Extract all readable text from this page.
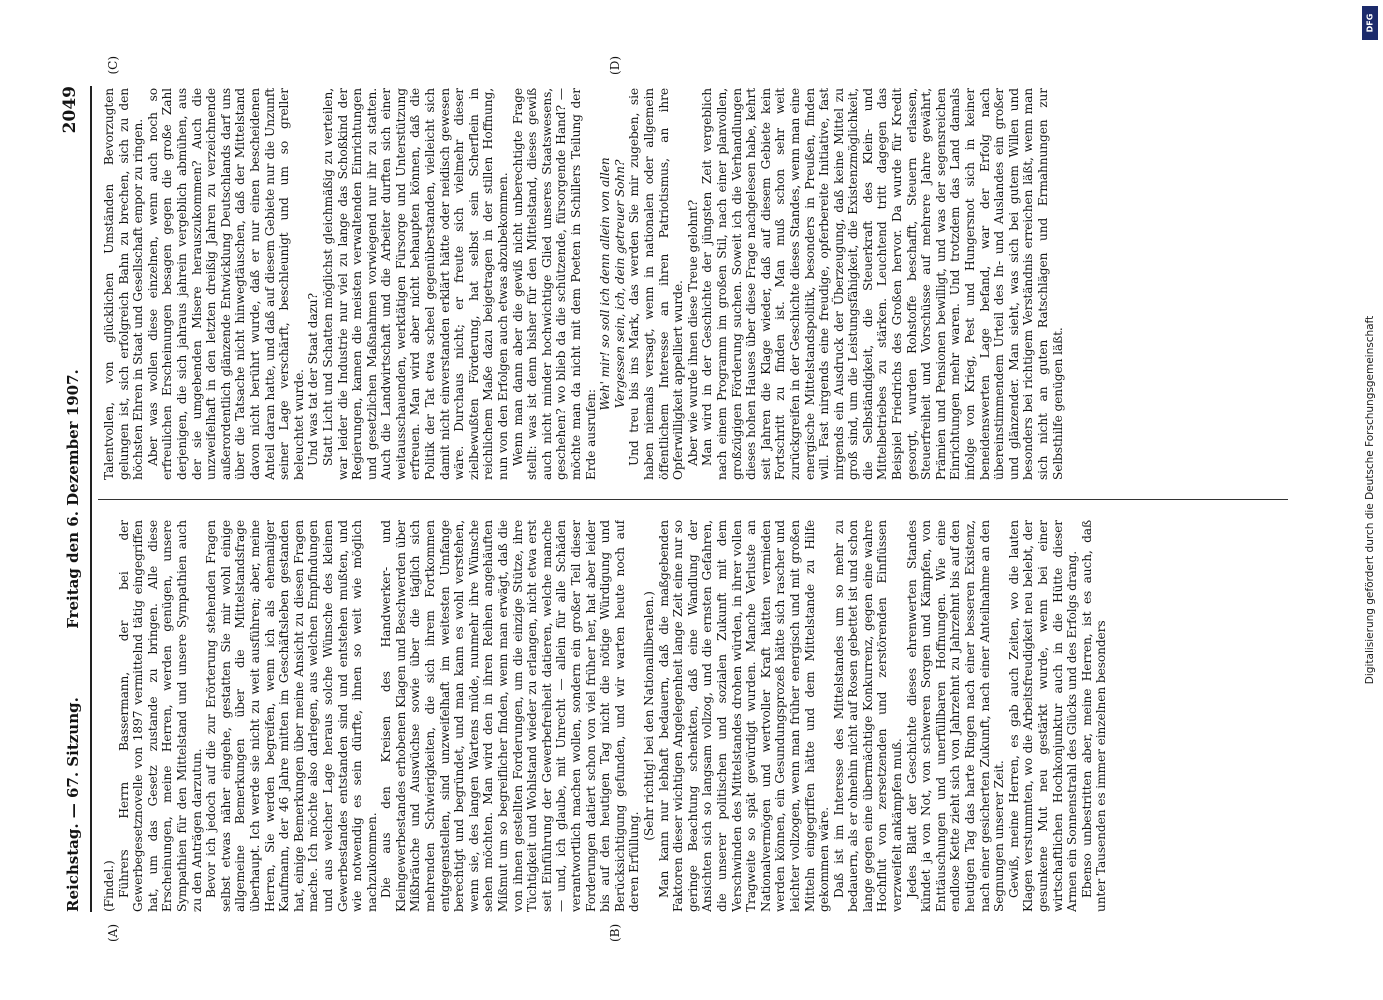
Reichstag. — 67. Sitzung.
Freitag den 6. Dezember 1907.
2049
(A)	(B)
(C)	(D)

(Findel.) Führers Herrn Bassermann, der bei der Gewerbegesetznovelle von 1897 vermittelnd tätig eingegriffen hat, um das Gesetz zustande zu bringen. Alle diese Erscheinungen, meine Herren, werden genügen, unsere Sympathien für den Mittelstand und unsere Sympathien auch zu den Anträgen darzutun. Bevor ich jedoch auf die zur Erörterung stehenden Fragen selbst etwas näher eingehe, gestatten Sie mir wohl einige allgemeine Bemerkungen über die Mittelstandsfrage überhaupt. Ich werde sie nicht zu weit ausführen; aber, meine Herren, Sie werden begreifen, wenn ich als ehemaliger Kaufmann, der 46 Jahre mitten im Geschäftsleben gestanden hat, einige Bemerkungen über meine Ansicht zu diesen Fragen mache. Ich möchte also darlegen, aus welchen Empfindungen und aus welcher Lage heraus solche Wünsche des kleinen Gewerbestandes entstanden sind und entstehen mußten, und wie notwendig es sein dürfte, ihnen so weit wie möglich nachzukommen. Die aus den Kreisen des Handwerker- und Kleingewerbestandes erhobenen Klagen und Beschwerden über Mißbräuche und Auswüchse sowie über die täglich sich mehrenden Schwierigkeiten, die sich ihrem Fortkommen entgegenstellen, sind unzweifelhaft im weitesten Umfange berechtigt und begründet, und man kann es wohl verstehen, wenn sie, des langen Wartens müde, nunmehr ihre Wünsche sehen möchten. Man wird den in ihren Reihen angehäuften Mißmut um so begreiflicher finden, wenn man erwägt, daß die von ihnen gestellten Forderungen, um die einzige Stütze, ihre Tüchtigkeit und Wohlstand wieder zu erlangen, nicht etwa erst seit Einführung der Gewerbefreiheit datieren, welche manche — und, ich glaube, mit Unrecht — allein für alle Schäden verantwortlich machen wollen, sondern ein großer Teil dieser Forderungen datiert schon von viel früher her, hat aber leider bis auf den heutigen Tag nicht die nötige Würdigung und Berücksichtigung gefunden, und wir warten heute noch auf deren Erfüllung.

(Sehr richtig! bei den Nationalliberalen.) Man kann nur lebhaft bedauern, daß die maßgebenden Faktoren dieser wichtigen Angelegenheit lange Zeit eine nur so geringe Beachtung schenkten, daß eine Wandlung der Ansichten sich so langsam vollzog, und die ernsten Gefahren, die unserer politischen und sozialen Zukunft mit dem Verschwinden des Mittelstandes drohen würden, in ihrer vollen Tragweite so spät gewürdigt wurden. Manche Verluste an Nationalvermögen und wertvoller Kraft hätten vermieden werden können, ein Gesundungsprozeß hätte sich rascher und leichter vollzogen, wenn man früher energisch und mit großen Mitteln eingegriffen hätte und dem Mittelstande zu Hilfe gekommen wäre. Daß ist im Interesse des Mittelstandes um so mehr zu bedauern, als er ohnehin nicht auf Rosen gebettet ist und schon lange gegen eine übermächtige Konkurrenz, gegen eine wahre Hochflut von zersetzenden und zerstörenden Einflüssen verzweifelt ankämpfen muß. Jedes Blatt der Geschichte dieses ehrenwerten Standes kündet ja von Not, von schweren Sorgen und Kämpfen, von Enttäuschungen und unerfüllbaren Hoffnungen. Wie eine endlose Kette zieht sich von Jahrzehnt zu Jahrzehnt bis auf den heutigen Tag das harte Ringen nach einer besseren Existenz, nach einer gesicherten Zukunft, nach einer Anteilnahme an den Segnungen unserer Zeit. Gewiß, meine Herren, es gab auch Zeiten, wo die lauten Klagen verstummten, wo die Arbeitsfreudigkeit neu belebt, der gesunkene Mut neu gestärkt wurde, wenn bei einer wirtschaftlichen Hochkonjunktur auch in die Hütte dieser Armen ein Sonnenstrahl des Glücks und des Erfolgs drang. Ebenso unbestritten aber, meine Herren, ist es auch, daß unter Tausenden es immer einzelnen besonders

Talentvollen, von glücklichen Umständen Bevorzugten gelungen ist, sich erfolgreich Bahn zu brechen, sich zu den höchsten Ehren in Staat und Gesellschaft empor zu ringen. Aber was wollen diese einzelnen, wenn auch noch so erfreulichen Erscheinungen besagen gegen die große Zahl derjenigen, die sich jahraus jahrein vergeblich abmühen, aus der sie umgebenden Misere herauszukommen? Auch die unzweifelhaft in den letzten dreißig Jahren zu verzeichnende außerordentlich glänzende Entwicklung Deutschlands darf uns über die Tatsache nicht hinwegtäuschen, daß der Mittelstand davon nicht berührt wurde, daß er nur einen bescheidenen Anteil daran hatte, und daß auf diesem Gebiete nur die Unzunft seiner Lage verschärft, beschleunigt und um so greller beleuchtet wurde. Und was tat der Staat dazu? Statt Licht und Schatten möglichst gleichmäßig zu verteilen, war leider die Industrie nur viel zu lange das Schoßkind der Regierungen, kamen die meisten verwaltenden Einrichtungen und gesetzlichen Maßnahmen vorwiegend nur ihr zu statten. Auch die Landwirtschaft und die Arbeiter durften sich einer weitausschauenden, werktätigen Fürsorge und Unterstützung erfreuen. Man wird aber nicht behaupten können, daß die Politik der Tat etwa scheel gegenüberstanden, vielleicht sich damit nicht einverstanden erklärt hätte oder neidisch gewesen wäre. Durchaus nicht; er freute sich vielmehr dieser zielbewußten Förderung, hat selbst sein Scherflein in reichlichem Maße dazu beigetragen in der stillen Hoffnung, nun von den Erfolgen auch etwas abzubekommen. Wenn man dann aber die gewiß nicht unberechtigte Frage stellt: was ist denn bisher für den Mittelstand, dieses gewiß auch nicht minder hochwichtige Glied unseres Staatswesens, geschehen? wo blieb da die schützende, fürsorgende Hand? — möchte man da nicht mit dem Poeten in Schillers Teilung der Erde ausrufen:

Weh' mir! so soll ich denn allein von allen Vergessen sein, ich, dein getreuer Sohn? Und treu bis ins Mark, das werden Sie mir zugeben, sie haben niemals versagt, wenn in nationalen oder allgemein öffentlichem Interesse an ihren Patriotismus, an ihre Opferwilligkeit appelliert wurde. Aber wie wurde ihnen diese Treue gelohnt? Man wird in der Geschichte der jüngsten Zeit vergeblich nach einem Programm im großen Stil, nach einer planvollen, großzügigen Förderung suchen. Soweit ich die Verhandlungen dieses hohen Hauses über diese Frage nachgelesen habe, kehrt seit Jahren die Klage wieder, daß auf diesem Gebiete kein Fortschritt zu finden ist. Man muß schon sehr weit zurückgreifen in der Geschichte dieses Standes, wenn man eine energische Mittelstandspolitik, besonders in Preußen, finden will. Fast nirgends eine freudige, opferbereite Initiative, fast nirgends ein Ausdruck der Überzeugung, daß keine Mittel zu groß sind, um die Leistungsfähigkeit, die Existenzmöglichkeit, die Selbständigkeit, die Steuerkraft des Klein- und Mittelbetriebes zu stärken. Leuchtend tritt dagegen das Beispiel Friedrichs des Großen hervor. Da wurde für Kredit gesorgt, wurden Rohstoffe beschafft, Steuern erlassen, Steuerfreiheit und Vorschüsse auf mehrere Jahre gewährt, Prämien und Pensionen bewilligt, und was der segensreichen Einrichtungen mehr waren. Und trotzdem das Land damals infolge von Krieg, Pest und Hungersnot sich in keiner beneidenswerten Lage befand, war der Erfolg nach übereinstimmendem Urteil des In- und Auslandes ein großer und glänzender. Man sieht, was sich bei gutem Willen und besonders bei richtigem Verständnis erreichen läßt, wenn man sich nicht an guten Ratschlägen und Ermahnungen zur Selbsthilfe genügen läßt.

DFG
Digitalisierung gefördert durch die Deutsche Forschungsgemeinschaft
